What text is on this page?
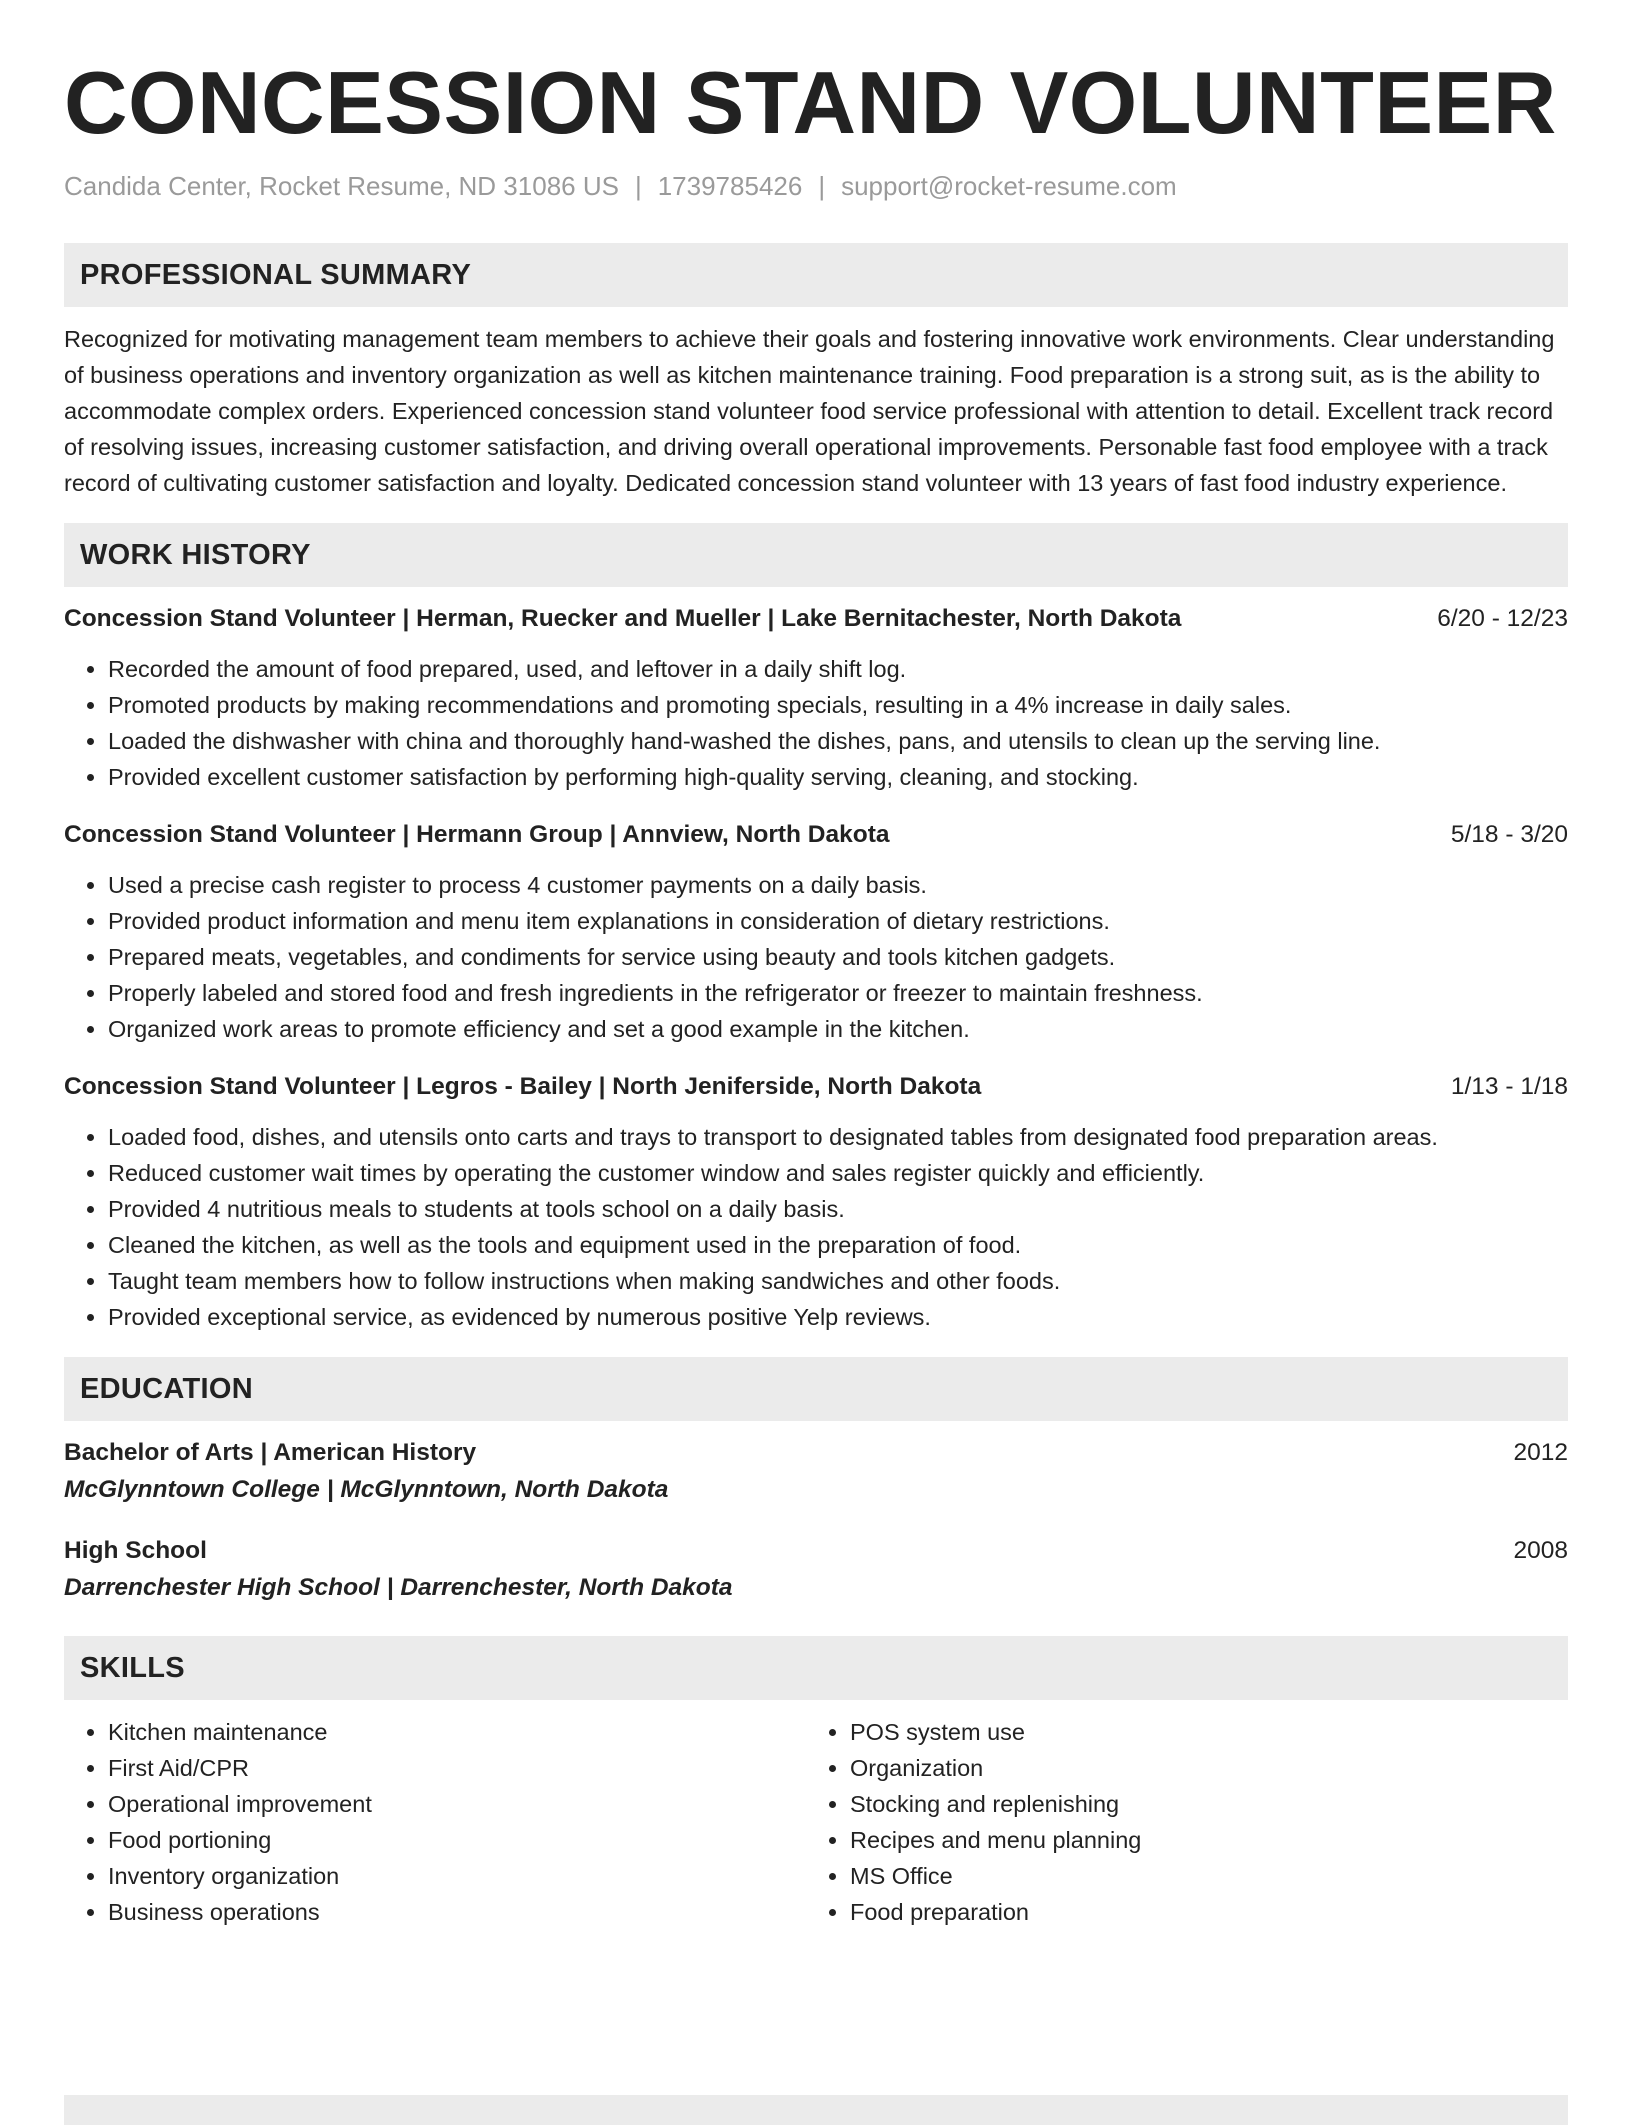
CONCESSION STAND VOLUNTEER
Candida Center, Rocket Resume, ND 31086 US | 1739785426 | support@rocket-resume.com
PROFESSIONAL SUMMARY

Recognized for motivating management team members to achieve their goals and fostering innovative work environments. Clear understanding of business operations and inventory organization as well as kitchen maintenance training. Food preparation is a strong suit, as is the ability to accommodate complex orders. Experienced concession stand volunteer food service professional with attention to detail. Excellent track record of resolving issues, increasing customer satisfaction, and driving overall operational improvements. Personable fast food employee with a track record of cultivating customer satisfaction and loyalty. Dedicated concession stand volunteer with 13 years of fast food industry experience.

WORK HISTORY
Concession Stand Volunteer | Herman, Ruecker and Mueller | Lake Bernitachester, North Dakota	6/20 - 12/23
• Recorded the amount of food prepared, used, and leftover in a daily shift log.
• Promoted products by making recommendations and promoting specials, resulting in a 4% increase in daily sales.
• Loaded the dishwasher with china and thoroughly hand-washed the dishes, pans, and utensils to clean up the serving line.
• Provided excellent customer satisfaction by performing high-quality serving, cleaning, and stocking.
Concession Stand Volunteer | Hermann Group | Annview, North Dakota	5/18 - 3/20
• Used a precise cash register to process 4 customer payments on a daily basis.
• Provided product information and menu item explanations in consideration of dietary restrictions.
• Prepared meats, vegetables, and condiments for service using beauty and tools kitchen gadgets.
• Properly labeled and stored food and fresh ingredients in the refrigerator or freezer to maintain freshness.
• Organized work areas to promote efficiency and set a good example in the kitchen.
Concession Stand Volunteer | Legros - Bailey | North Jeniferside, North Dakota	1/13 - 1/18
• Loaded food, dishes, and utensils onto carts and trays to transport to designated tables from designated food preparation areas.
• Reduced customer wait times by operating the customer window and sales register quickly and efficiently.
• Provided 4 nutritious meals to students at tools school on a daily basis.
• Cleaned the kitchen, as well as the tools and equipment used in the preparation of food.
• Taught team members how to follow instructions when making sandwiches and other foods.
• Provided exceptional service, as evidenced by numerous positive Yelp reviews.
EDUCATION
Bachelor of Arts | American History	2012
McGlynntown College | McGlynntown, North Dakota
High School	2008
Darrenchester High School | Darrenchester, North Dakota
SKILLS
• Kitchen maintenance
• First Aid/CPR
• Operational improvement
• Food portioning
• Inventory organization
• Business operations
• POS system use
• Organization
• Stocking and replenishing
• Recipes and menu planning
• MS Office
• Food preparation
